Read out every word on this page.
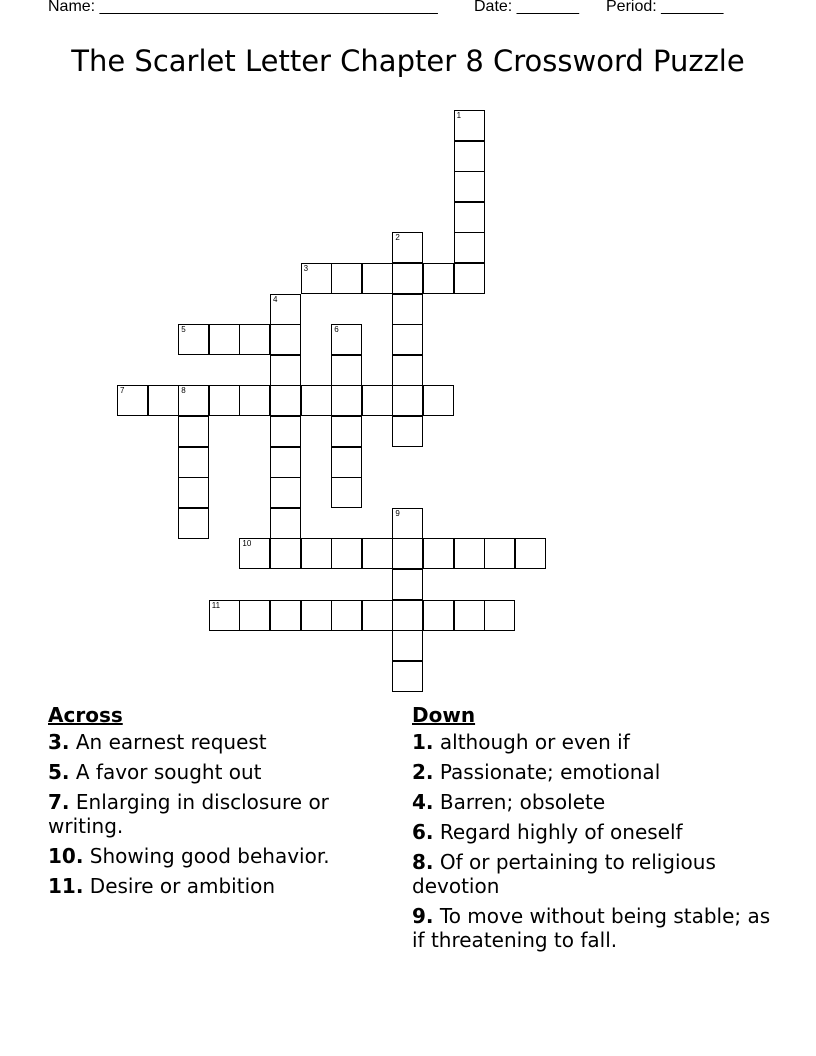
Name: ______________________________________ Date: _______ Period: _______
The Scarlet Letter Chapter 8 Crossword Puzzle
1
2
3
4
5	6
7	8
9
10
11
Across
3. An earnest request
5. A favor sought out
7. Enlarging in disclosure or writing.
10. Showing good behavior.
11. Desire or ambition
Down
1. although or even if
2. Passionate; emotional
4. Barren; obsolete
6. Regard highly of oneself
8. Of or pertaining to religious devotion
9. To move without being stable; as if threatening to fall.
